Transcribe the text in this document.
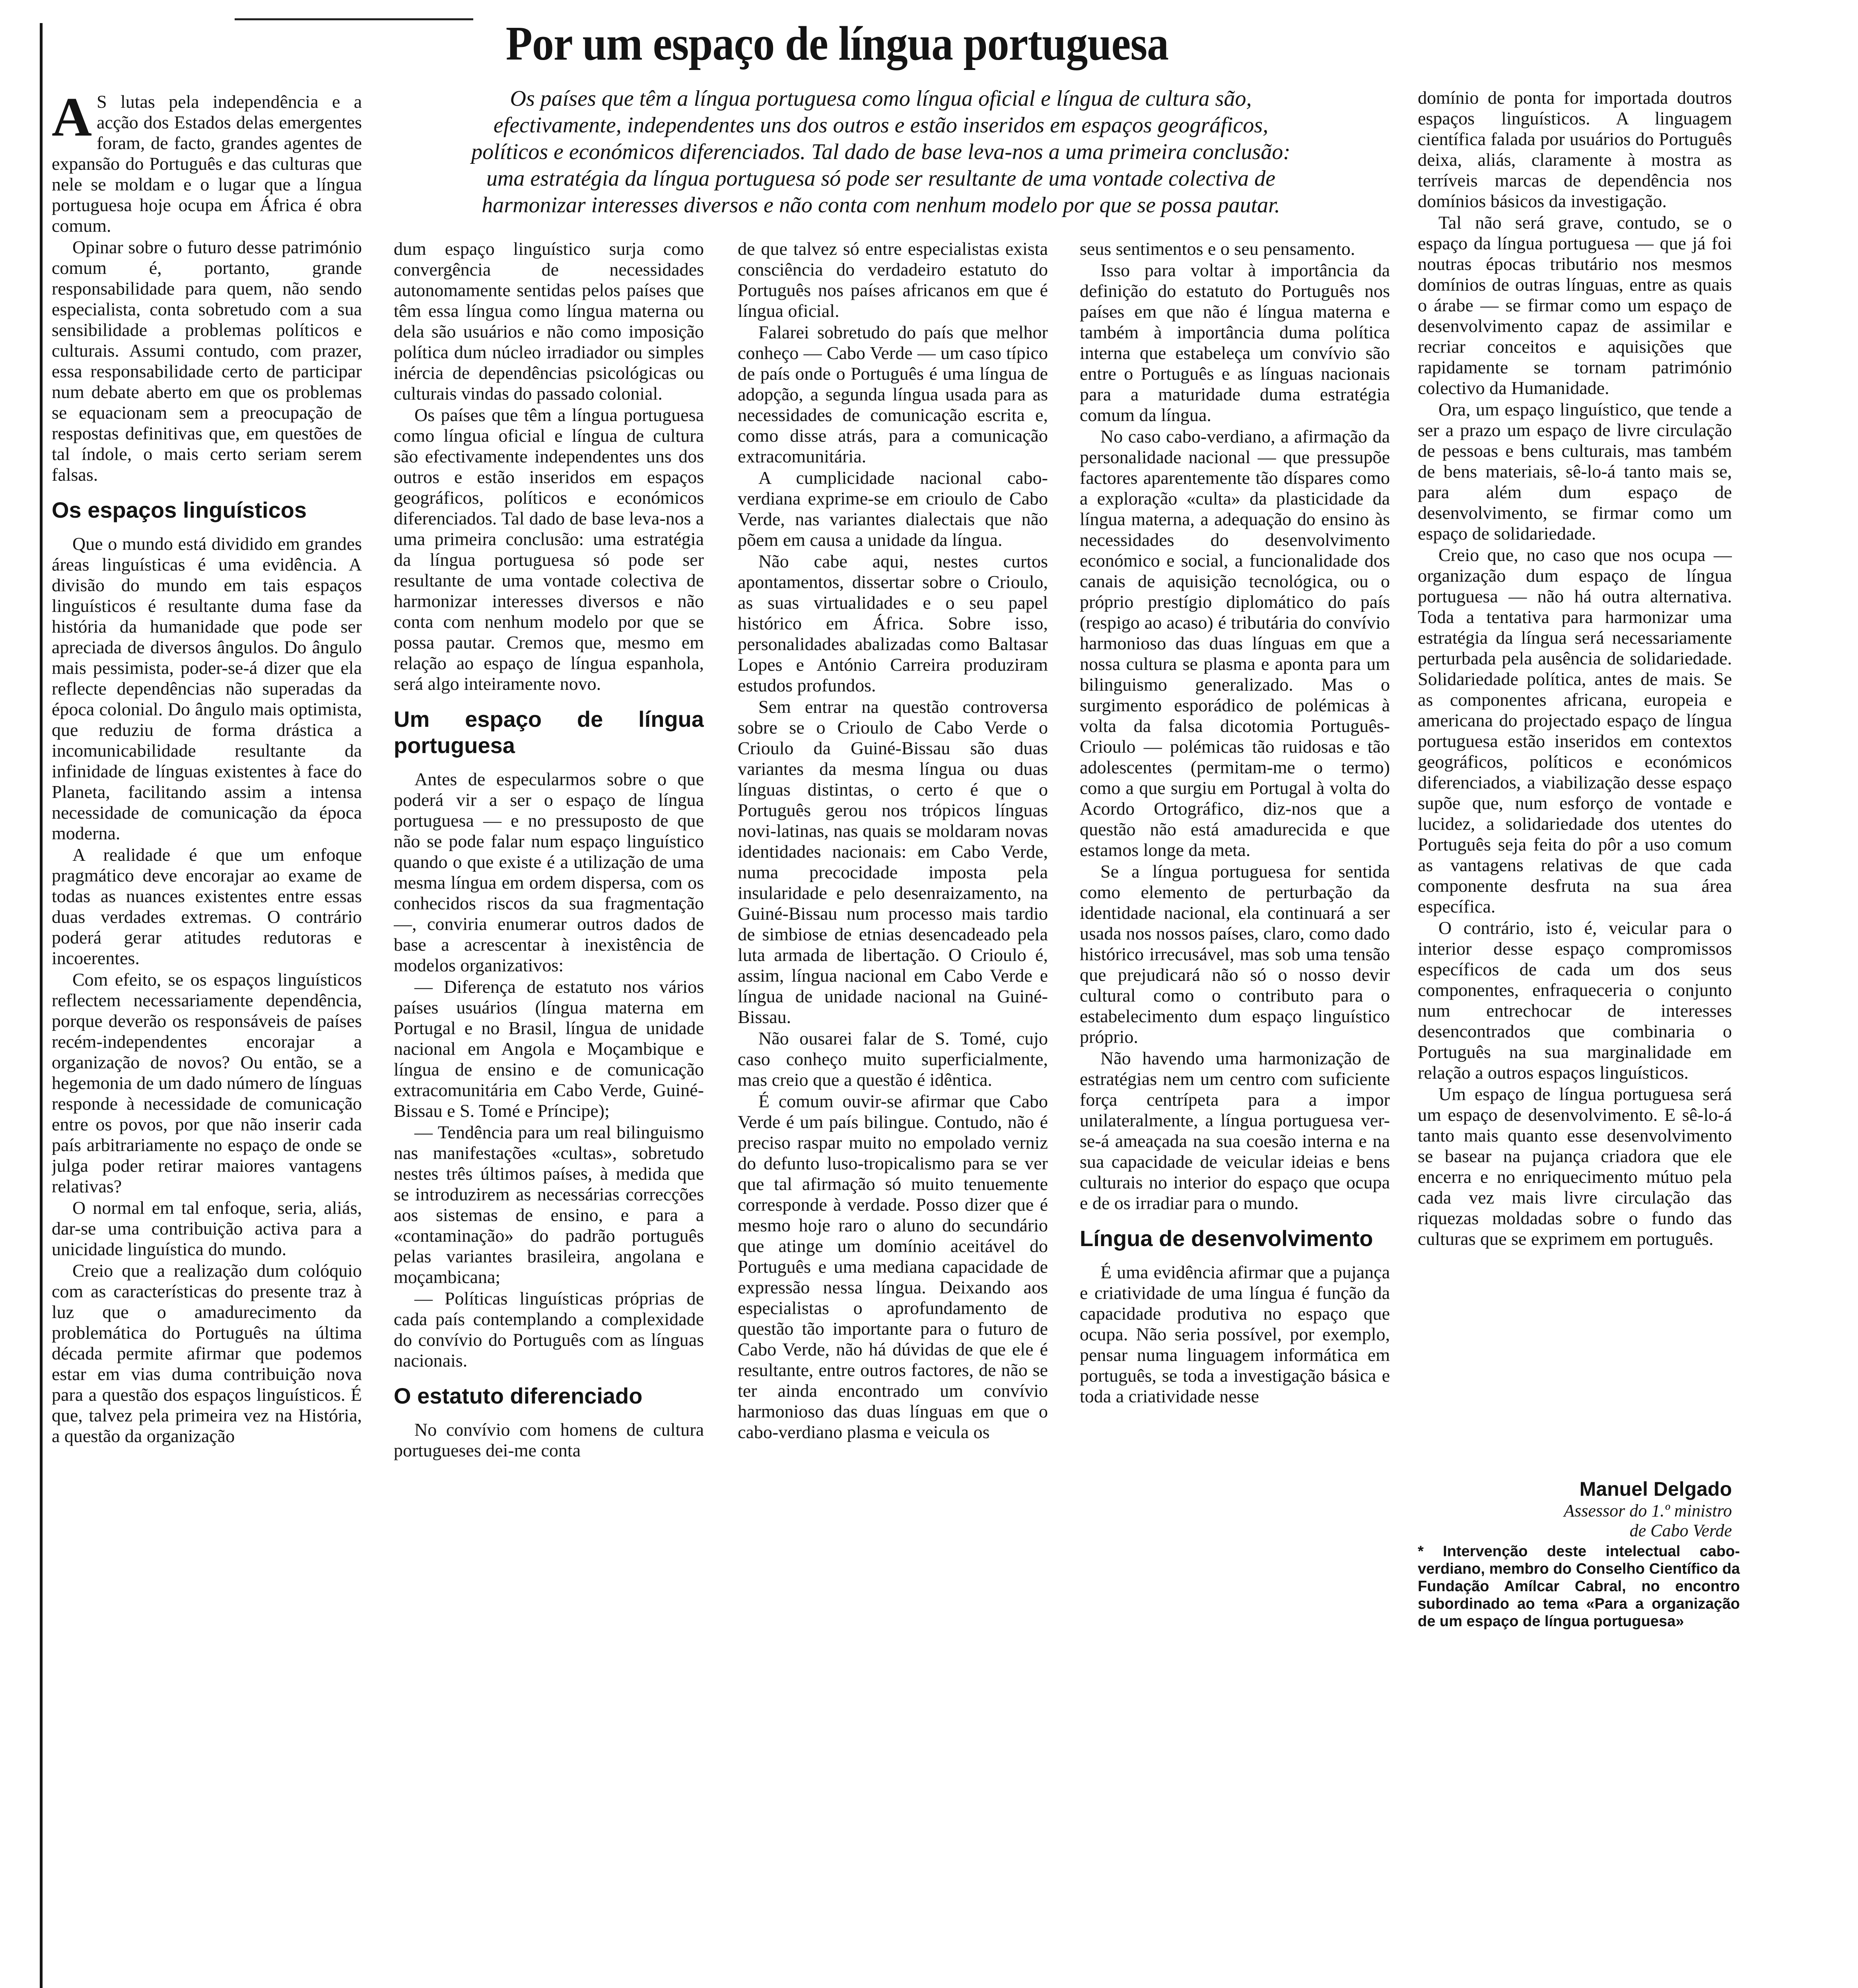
Por um espaço de língua portuguesa

Os países que têm a língua portuguesa como língua oficial e língua de cultura são, efectivamente, independentes uns dos outros e estão inseridos em espaços geográficos, políticos e económicos diferenciados. Tal dado de base leva-nos a uma primeira conclusão: uma estratégia da língua portuguesa só pode ser resultante de uma vontade colectiva de harmonizar interesses diversos e não conta com nenhum modelo por que se possa pautar.

A S lutas pela independência e a acção dos Estados delas emergentes foram, de facto, grandes agentes de expansão do Português e das culturas que nele se moldam e o lugar que a língua portuguesa hoje ocupa em África é obra comum.

Opinar sobre o futuro desse património comum é, portanto, grande responsabilidade para quem, não sendo especialista, conta sobretudo com a sua sensibilidade a problemas políticos e culturais. Assumi contudo, com prazer, essa responsabilidade certo de participar num debate aberto em que os problemas se equacionam sem a preocupação de respostas definitivas que, em questões de tal índole, o mais certo seriam serem falsas.

Os espaços linguísticos

Que o mundo está dividido em grandes áreas linguísticas é uma evidência. A divisão do mundo em tais espaços linguísticos é resultante duma fase da história da humanidade que pode ser apreciada de diversos ângulos. Do ângulo mais pessimista, poder-se-á dizer que ela reflecte dependências não superadas da época colonial. Do ângulo mais optimista, que reduziu de forma drástica a incomunicabilidade resultante da infinidade de línguas existentes à face do Planeta, facilitando assim a intensa necessidade de comunicação da época moderna.

A realidade é que um enfoque pragmático deve encorajar ao exame de todas as nuances existentes entre essas duas verdades extremas. O contrário poderá gerar atitudes redutoras e incoerentes.

Com efeito, se os espaços linguísticos reflectem necessariamente dependência, porque deverão os responsáveis de países recém-independentes encorajar a organização de novos? Ou então, se a hegemonia de um dado número de línguas responde à necessidade de comunicação entre os povos, por que não inserir cada país arbitrariamente no espaço de onde se julga poder retirar maiores vantagens relativas?

O normal em tal enfoque, seria, aliás, dar-se uma contribuição activa para a unicidade linguística do mundo.

Creio que a realização dum colóquio com as características do presente traz à luz que o amadurecimento da problemática do Português na última década permite afirmar que podemos estar em vias duma contribuição nova para a questão dos espaços linguísticos. É que, talvez pela primeira vez na História, a questão da organização

dum espaço linguístico surja como convergência de necessidades autonomamente sentidas pelos países que têm essa língua como língua materna ou dela são usuários e não como imposição política dum núcleo irradiador ou simples inércia de dependências psicológicas ou culturais vindas do passado colonial.

Os países que têm a língua portuguesa como língua oficial e língua de cultura são efectivamente independentes uns dos outros e estão inseridos em espaços geográficos, políticos e económicos diferenciados. Tal dado de base leva-nos a uma primeira conclusão: uma estratégia da língua portuguesa só pode ser resultante de uma vontade colectiva de harmonizar interesses diversos e não conta com nenhum modelo por que se possa pautar. Cremos que, mesmo em relação ao espaço de língua espanhola, será algo inteiramente novo.

Um espaço de língua portuguesa

Antes de especularmos sobre o que poderá vir a ser o espaço de língua portuguesa — e no pressuposto de que não se pode falar num espaço linguístico quando o que existe é a utilização de uma mesma língua em ordem dispersa, com os conhecidos riscos da sua fragmentação —, conviria enumerar outros dados de base a acrescentar à inexistência de modelos organizativos:

— Diferença de estatuto nos vários países usuários (língua materna em Portugal e no Brasil, língua de unidade nacional em Angola e Moçambique e língua de ensino e de comunicação extracomunitária em Cabo Verde, Guiné-Bissau e S. Tomé e Príncipe);

— Tendência para um real bilinguismo nas manifestações «cultas», sobretudo nestes três últimos países, à medida que se introduzirem as necessárias correcções aos sistemas de ensino, e para a «contaminação» do padrão português pelas variantes brasileira, angolana e moçambicana;

— Políticas linguísticas próprias de cada país contemplando a complexidade do convívio do Português com as línguas nacionais.

O estatuto diferenciado

No convívio com homens de cultura portugueses dei-me conta

de que talvez só entre especialistas exista consciência do verdadeiro estatuto do Português nos países africanos em que é língua oficial.

Falarei sobretudo do país que melhor conheço — Cabo Verde — um caso típico de país onde o Português é uma língua de adopção, a segunda língua usada para as necessidades de comunicação escrita e, como disse atrás, para a comunicação extracomunitária.

A cumplicidade nacional cabo-verdiana exprime-se em crioulo de Cabo Verde, nas variantes dialectais que não põem em causa a unidade da língua.

Não cabe aqui, nestes curtos apontamentos, dissertar sobre o Crioulo, as suas virtualidades e o seu papel histórico em África. Sobre isso, personalidades abalizadas como Baltasar Lopes e António Carreira produziram estudos profundos.

Sem entrar na questão controversa sobre se o Crioulo de Cabo Verde o Crioulo da Guiné-Bissau são duas variantes da mesma língua ou duas línguas distintas, o certo é que o Português gerou nos trópicos línguas novi-latinas, nas quais se moldaram novas identidades nacionais: em Cabo Verde, numa precocidade imposta pela insularidade e pelo desenraizamento, na Guiné-Bissau num processo mais tardio de simbiose de etnias desencadeado pela luta armada de libertação. O Crioulo é, assim, língua nacional em Cabo Verde e língua de unidade nacional na Guiné-Bissau.

Não ousarei falar de S. Tomé, cujo caso conheço muito superficialmente, mas creio que a questão é idêntica.

É comum ouvir-se afirmar que Cabo Verde é um país bilingue. Contudo, não é preciso raspar muito no empolado verniz do defunto luso-tropicalismo para se ver que tal afirmação só muito tenuemente corresponde à verdade. Posso dizer que é mesmo hoje raro o aluno do secundário que atinge um domínio aceitável do Português e uma mediana capacidade de expressão nessa língua. Deixando aos especialistas o aprofundamento de questão tão importante para o futuro de Cabo Verde, não há dúvidas de que ele é resultante, entre outros factores, de não se ter ainda encontrado um convívio harmonioso das duas línguas em que o cabo-verdiano plasma e veicula os

seus sentimentos e o seu pensamento.

Isso para voltar à importância da definição do estatuto do Português nos países em que não é língua materna e também à importância duma política interna que estabeleça um convívio são entre o Português e as línguas nacionais para a maturidade duma estratégia comum da língua.

No caso cabo-verdiano, a afirmação da personalidade nacional — que pressupõe factores aparentemente tão díspares como a exploração «culta» da plasticidade da língua materna, a adequação do ensino às necessidades do desenvolvimento económico e social, a funcionalidade dos canais de aquisição tecnológica, ou o próprio prestígio diplomático do país (respigo ao acaso) é tributária do convívio harmonioso das duas línguas em que a nossa cultura se plasma e aponta para um bilinguismo generalizado. Mas o surgimento esporádico de polémicas à volta da falsa dicotomia Português-Crioulo — polémicas tão ruidosas e tão adolescentes (permitam-me o termo) como a que surgiu em Portugal à volta do Acordo Ortográfico, diz-nos que a questão não está amadurecida e que estamos longe da meta.

Se a língua portuguesa for sentida como elemento de perturbação da identidade nacional, ela continuará a ser usada nos nossos países, claro, como dado histórico irrecusável, mas sob uma tensão que prejudicará não só o nosso devir cultural como o contributo para o estabelecimento dum espaço linguístico próprio.

Não havendo uma harmonização de estratégias nem um centro com suficiente força centrípeta para a impor unilateralmente, a língua portuguesa ver-se-á ameaçada na sua coesão interna e na sua capacidade de veicular ideias e bens culturais no interior do espaço que ocupa e de os irradiar para o mundo.

Língua de desenvolvimento

É uma evidência afirmar que a pujança e criatividade de uma língua é função da capacidade produtiva no espaço que ocupa. Não seria possível, por exemplo, pensar numa linguagem informática em português, se toda a investigação básica e toda a criatividade nesse

domínio de ponta for importada doutros espaços linguísticos. A linguagem científica falada por usuários do Português deixa, aliás, claramente à mostra as terríveis marcas de dependência nos domínios básicos da investigação.

Tal não será grave, contudo, se o espaço da língua portuguesa — que já foi noutras épocas tributário nos mesmos domínios de outras línguas, entre as quais o árabe — se firmar como um espaço de desenvolvimento capaz de assimilar e recriar conceitos e aquisições que rapidamente se tornam património colectivo da Humanidade.

Ora, um espaço linguístico, que tende a ser a prazo um espaço de livre circulação de pessoas e bens culturais, mas também de bens materiais, sê-lo-á tanto mais se, para além dum espaço de desenvolvimento, se firmar como um espaço de solidariedade.

Creio que, no caso que nos ocupa — organização dum espaço de língua portuguesa — não há outra alternativa. Toda a tentativa para harmonizar uma estratégia da língua será necessariamente perturbada pela ausência de solidariedade. Solidariedade política, antes de mais. Se as componentes africana, europeia e americana do projectado espaço de língua portuguesa estão inseridos em contextos geográficos, políticos e económicos diferenciados, a viabilização desse espaço supõe que, num esforço de vontade e lucidez, a solidariedade dos utentes do Português seja feita do pôr a uso comum as vantagens relativas de que cada componente desfruta na sua área específica.

O contrário, isto é, veicular para o interior desse espaço compromissos específicos de cada um dos seus componentes, enfraqueceria o conjunto num entrechocar de interesses desencontrados que combinaria o Português na sua marginalidade em relação a outros espaços linguísticos.

Um espaço de língua portuguesa será um espaço de desenvolvimento. E sê-lo-á tanto mais quanto esse desenvolvimento se basear na pujança criadora que ele encerra e no enriquecimento mútuo pela cada vez mais livre circulação das riquezas moldadas sobre o fundo das culturas que se exprimem em português.

Manuel Delgado
Assessor do 1.º ministro
de Cabo Verde
* Intervenção deste intelectual cabo-verdiano, membro do Conselho Científico da Fundação Amílcar Cabral, no encontro subordinado ao tema «Para a organização de um espaço de língua portuguesa»
